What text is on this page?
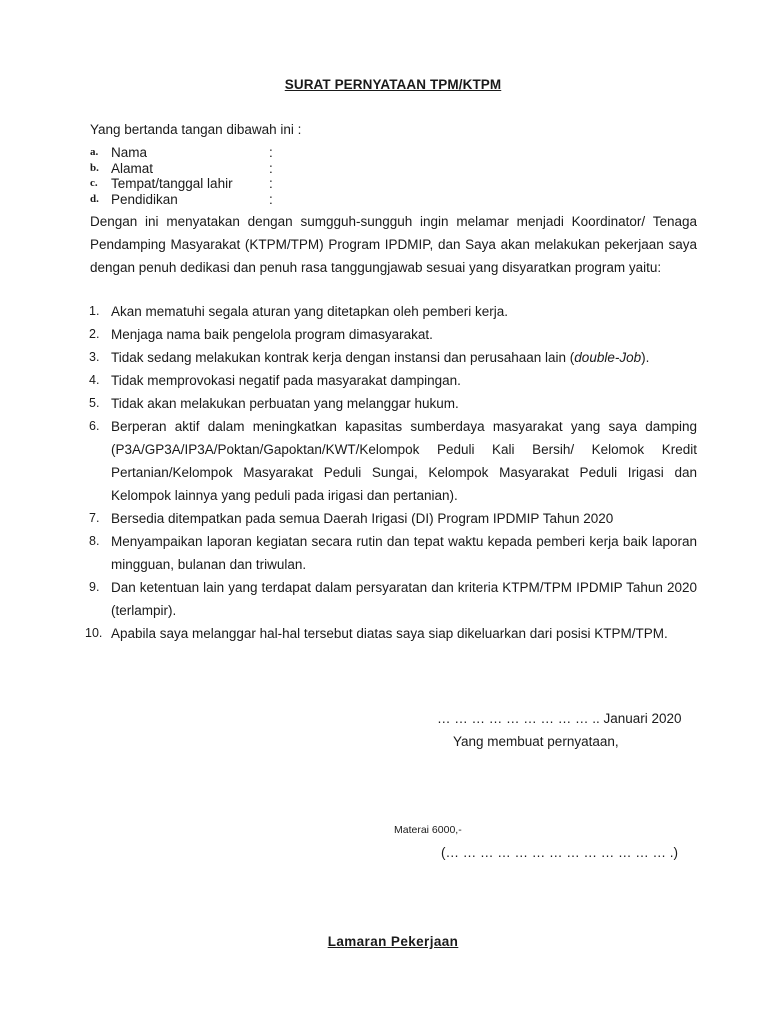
SURAT PERNYATAAN TPM/KTPM
Yang bertanda tangan dibawah ini :
a. Nama	:
b. Alamat	:
c. Tempat/tanggal lahir	:
d. Pendidikan	:
Dengan ini menyatakan dengan sumgguh-sungguh ingin melamar menjadi Koordinator/ Tenaga Pendamping Masyarakat (KTPM/TPM) Program IPDMIP, dan Saya akan melakukan pekerjaan saya dengan penuh dedikasi dan penuh rasa tanggungjawab sesuai yang disyaratkan program yaitu:
1. Akan mematuhi segala aturan yang ditetapkan oleh pemberi kerja.
2. Menjaga nama baik pengelola program dimasyarakat.
3. Tidak sedang melakukan kontrak kerja dengan instansi dan perusahaan lain (double-Job).
4. Tidak memprovokasi negatif pada masyarakat dampingan.
5. Tidak akan melakukan perbuatan yang melanggar hukum.
6. Berperan aktif dalam meningkatkan kapasitas sumberdaya masyarakat yang saya damping (P3A/GP3A/IP3A/Poktan/Gapoktan/KWT/Kelompok Peduli Kali Bersih/ Kelomok Kredit Pertanian/Kelompok Masyarakat Peduli Sungai, Kelompok Masyarakat Peduli Irigasi dan Kelompok lainnya yang peduli pada irigasi dan pertanian).
7. Bersedia ditempatkan pada semua Daerah Irigasi (DI) Program IPDMIP Tahun 2020
8. Menyampaikan laporan kegiatan secara rutin dan tepat waktu kepada pemberi kerja baik laporan mingguan, bulanan dan triwulan.
9. Dan ketentuan lain yang terdapat dalam persyaratan dan kriteria KTPM/TPM IPDMIP Tahun 2020 (terlampir).
10. Apabila saya melanggar hal-hal tersebut diatas saya siap dikeluarkan dari posisi KTPM/TPM.
… … … … … … … … … .. Januari 2020
Yang membuat pernyataan,
Materai 6000,-
(… … … … … … … … … … … … … .)
Lamaran Pekerjaan
